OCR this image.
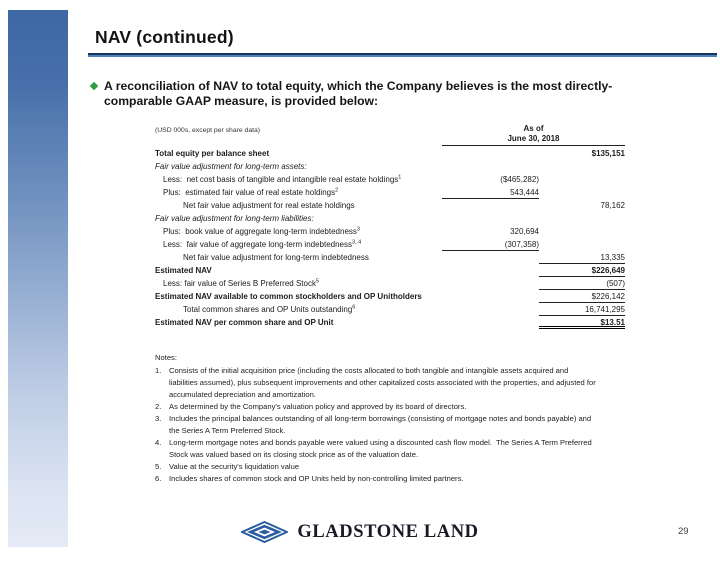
NAV (continued)
A reconciliation of NAV to total equity, which the Company believes is the most directly-comparable GAAP measure, is provided below:
(USD 000s, except per share data)	As of
June 30, 2018
Total equity per balance sheet	$135,151
Fair value adjustment for long-term assets:
Less:  net cost basis of tangible and intangible real estate holdings$^1$	($465,282)
Plus:  estimated fair value of real estate holdings$^2$	543,444
Net fair value adjustment for real estate holdings	78,162
Fair value adjustment for long-term liabilities:
Plus:  book value of aggregate long-term indebtedness$^3$	320,694
Less:  fair value of aggregate long-term indebtedness$^{3, 4}$	(307,358)
Net fair value adjustment for long-term indebtedness	13,335
Estimated NAV	$226,649
Less: fair value of Series B Preferred Stock$^5$	(507)
Estimated NAV available to common stockholders and OP Unitholders	$226,142
Total common shares and OP Units outstanding$^6$	16,741,295
Estimated NAV per common share and OP Unit	$13.51
Notes:
1.	Consists of the initial acquisition price (including the costs allocated to both tangible and intangible assets acquired and liabilities assumed), plus subsequent improvements and other capitalized costs associated with the properties, and adjusted for accumulated depreciation and amortization.
2.	As determined by the Company's valuation policy and approved by its board of directors.
3.	Includes the principal balances outstanding of all long-term borrowings (consisting of mortgage notes and bonds payable) and the Series A Term Preferred Stock.
4.	Long-term mortgage notes and bonds payable were valued using a discounted cash flow model.  The Series A Term Preferred Stock was valued based on its closing stock price as of the valuation date.
5.	Value at the security's liquidation value
6.	Includes shares of common stock and OP Units held by non-controlling limited partners.
GLADSTONE LAND	29
